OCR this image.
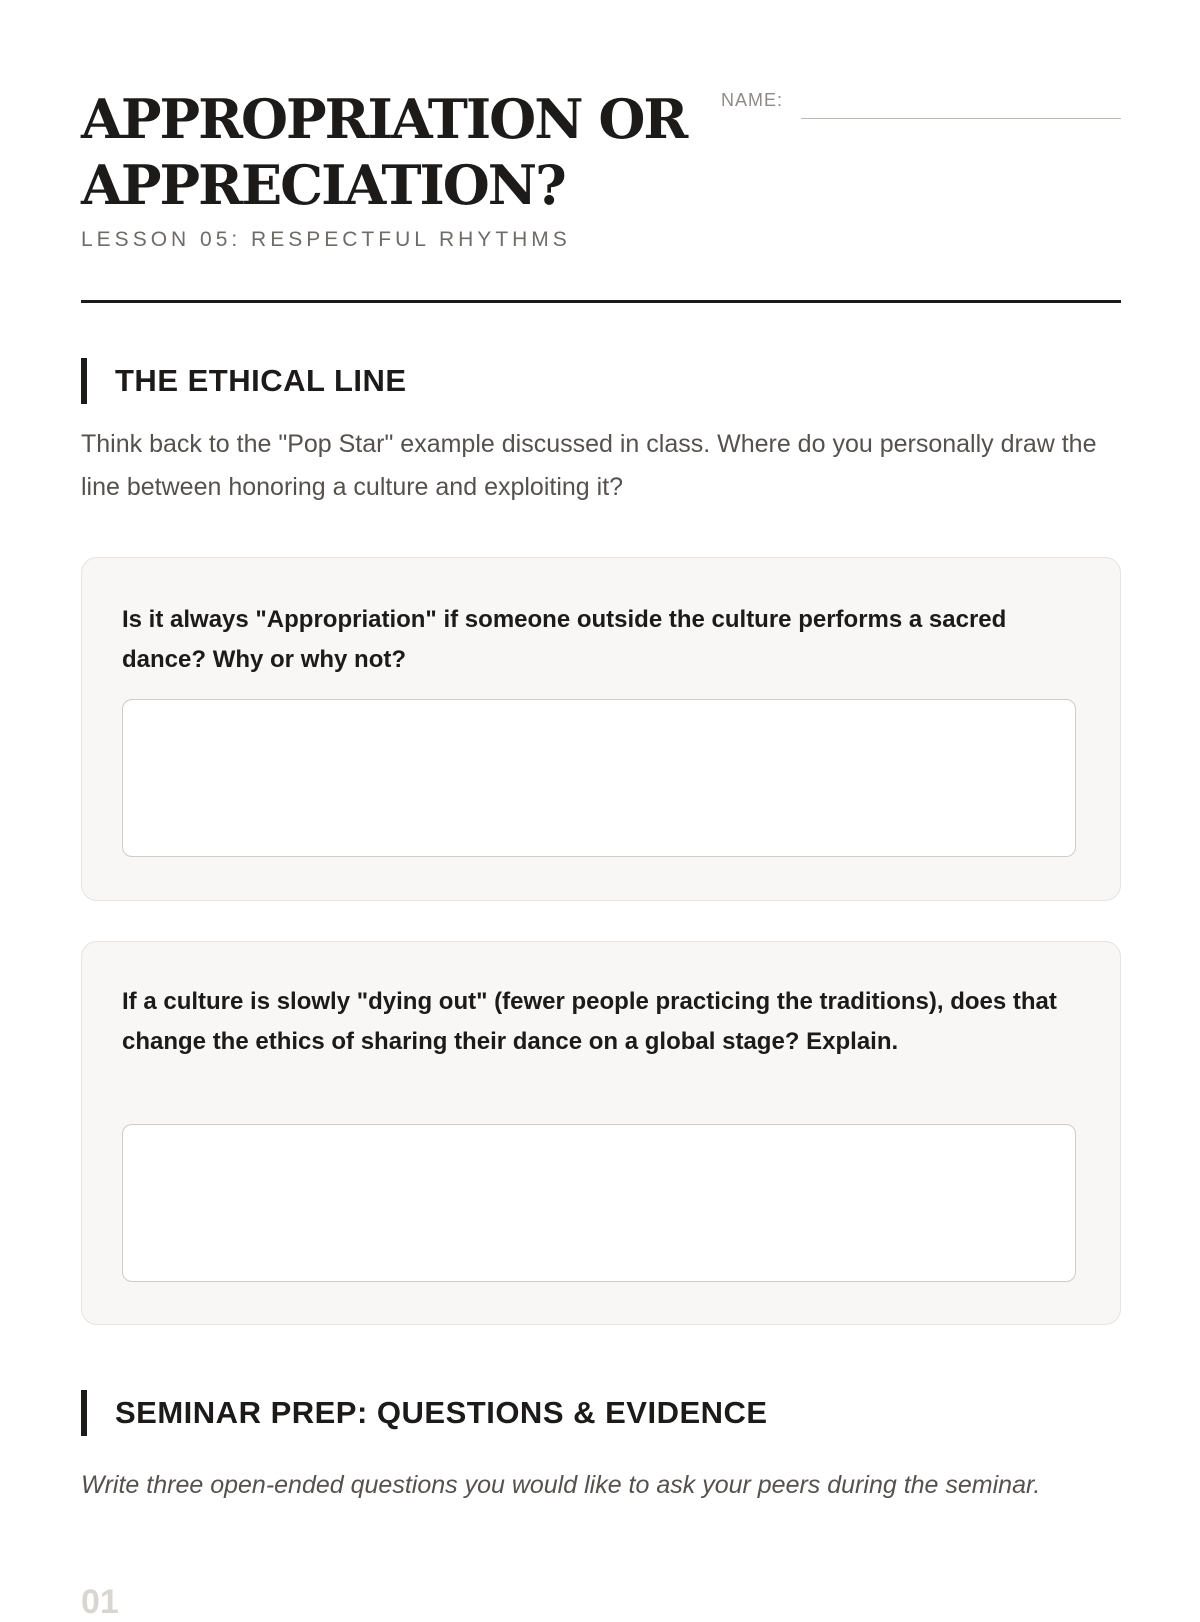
APPROPRIATION OR
APPRECIATION?
LESSON 05: RESPECTFUL RHYTHMS
NAME:
THE ETHICAL LINE

Think back to the "Pop Star" example discussed in class. Where do you personally draw the line between honoring a culture and exploiting it?

Is it always "Appropriation" if someone outside the culture performs a sacred dance? Why or why not?

If a culture is slowly "dying out" (fewer people practicing the traditions), does that change the ethics of sharing their dance on a global stage? Explain.

SEMINAR PREP: QUESTIONS & EVIDENCE

Write three open-ended questions you would like to ask your peers during the seminar.

01
